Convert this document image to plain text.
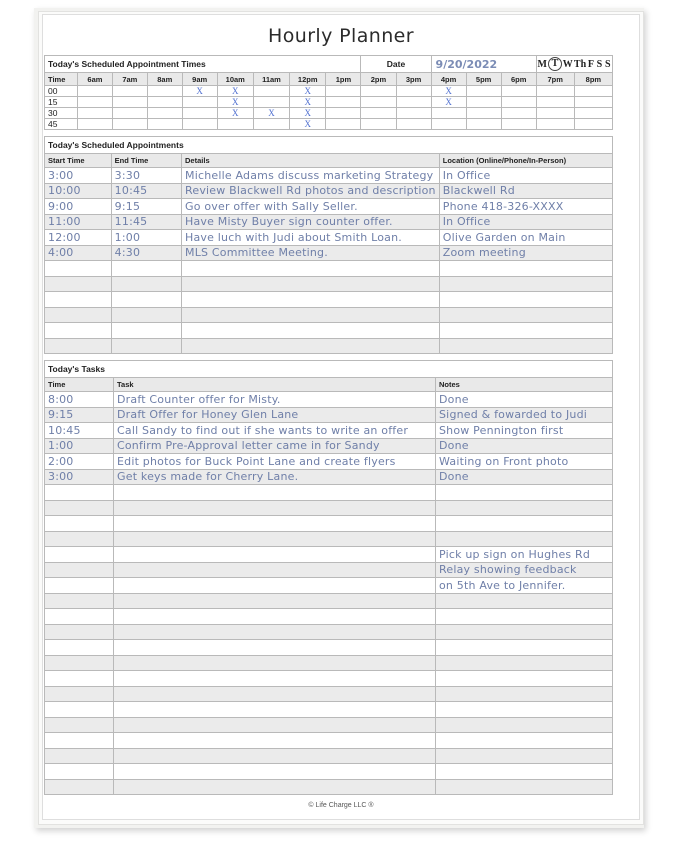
Hourly Planner
© Life Charge LLC ®
Today's Scheduled Appointment Times	Date	9/20/2022		M	T	W	Th	F	S	S

Time	6am	7am	8am	9am	10am	11am	12pm	1pm	2pm	3pm	4pm	5pm	6pm	7pm	8pm
00				X	X		X				X				
15					X		X				X				
30					X	X	X								
45							X								
Today's Scheduled Appointments			
Start Time	End Time	Details	Location (Online/Phone/In-Person)
3:00	3:30	Michelle Adams discuss marketing Strategy	In Office
10:00	10:45	Review Blackwell Rd photos and description	Blackwell Rd
9:00	9:15	Go over offer with Sally Seller.	Phone 418-326-XXXX
11:00	11:45	Have Misty Buyer sign counter offer.	In Office
12:00	1:00	Have luch with Judi about Smith Loan.	Olive Garden on Main
4:00	4:30	MLS Committee Meeting.	Zoom meeting

Today's Tasks		
Time	Task	Notes
8:00	Draft Counter offer for Misty.	Done
9:15	Draft Offer for Honey Glen Lane	Signed & fowarded to Judi
10:45	Call Sandy to find out if she wants to write an offer	Show Pennington first
1:00	Confirm Pre-Approval letter came in for Sandy	Done
2:00	Edit photos for Buck Point Lane and create flyers	Waiting on Front photo
3:00	Get keys made for Cherry Lane.	Done

		Pick up sign on Hughes Rd
		Relay showing feedback
		on 5th Ave to Jennifer.
